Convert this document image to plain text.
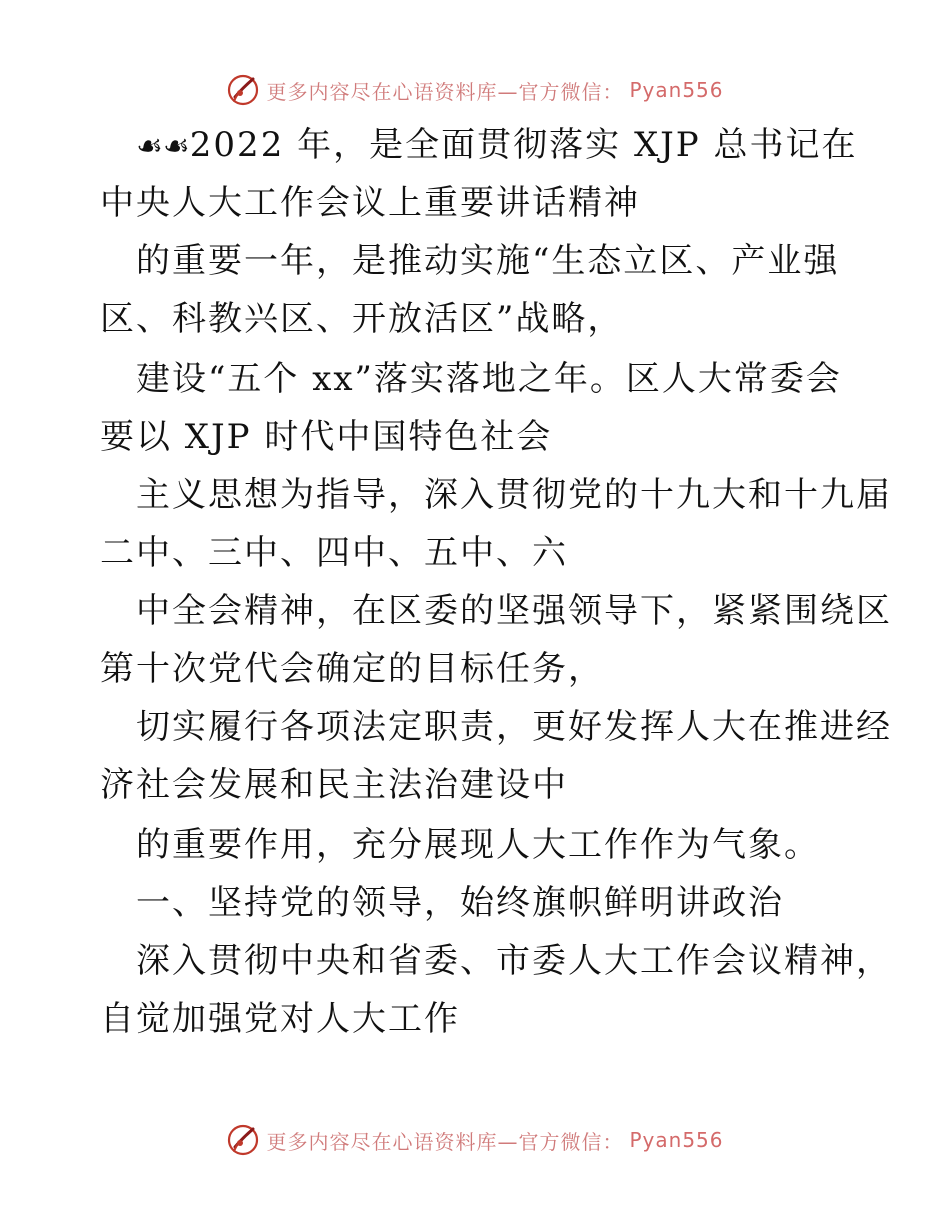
更多内容尽在心语资料库—官方微信： Pyan556
☙☙2022 年，是全面贯彻落实 XJP 总书记在
中央人大工作会议上重要讲话精神
的重要一年，是推动实施“生态立区、产业强
区、科教兴区、开放活区”战略，
建设“五个 xx”落实落地之年。区人大常委会
要以 XJP 时代中国特色社会
主义思想为指导，深入贯彻党的十九大和十九届
二中、三中、四中、五中、六
中全会精神，在区委的坚强领导下，紧紧围绕区
第十次党代会确定的目标任务，
切实履行各项法定职责，更好发挥人大在推进经
济社会发展和民主法治建设中
的重要作用，充分展现人大工作作为气象。
一、坚持党的领导，始终旗帜鲜明讲政治
深入贯彻中央和省委、市委人大工作会议精神，
自觉加强党对人大工作
更多内容尽在心语资料库—官方微信： Pyan556
